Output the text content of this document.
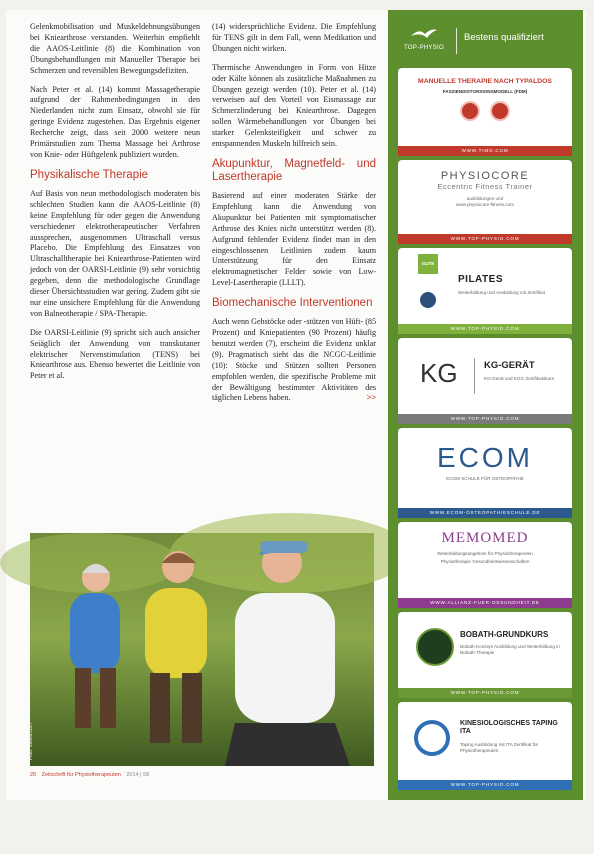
Gelenkmobilisation und Muskeldehnungsübungen bei Kniearthrose verstanden. Weiterhin empfiehlt die AAOS-Leitlinie (8) die Kombination von Übungsbehandlungen mit Manueller Therapie bei Schmerzen und reversiblen Bewegungsdefiziten.

Nach Peter et al. (14) kommt Massagetherapie aufgrund der Rahmenbedingungen in den Niederlanden nicht zum Einsatz, obwohl sie für geringe Evidenz zugestehen. Das Ergebnis eigener Recherche zeigt, dass seit 2000 weitere neun Primärstudien zum Thema Massage bei Arthrose von Knie- oder Hüftgelenk publiziert wurden.

Physikalische Therapie

Auf Basis von neun methodologisch moderaten bis schlechten Studien kann die AAOS-Leitlinie (8) keine Empfehlung für oder gegen die Anwendung verschiedener elektrotherapeutischer Verfahren aussprechen, ausgenommen Ultraschall versus Placebo. Die Empfehlung des Einsatzes von Ultraschalltherapie bei Kniearthrose-Patienten wird jedoch von der OARSI-Leitlinie (9) sehr vorsichtig gegeben, denn die methodologische Grundlage dieser Übersichtsstudien war gering. Zudem gibt sie nur eine unsichere Empfehlung für die Anwendung von Balneotherapie / SPA-Therapie.

Die OARSI-Leitlinie (9) spricht sich auch ansicher Seiäglich der Anwendung von transkutaner elektrischer Nervenstimulation (TENS) bei Kniearthrose aus. Ebenso bewertet die Leitlinie von Peter et al.

(14) widersprüchliche Evidenz. Die Empfehlung für TENS gilt in dem Fall, wenn Medikation und Übungen nicht wirken.

Thermische Anwendungen in Form von Hitze oder Kälte können als zusätzliche Maßnahmen zu Übungen gezeigt werden (10). Peter et al. (14) verweisen auf den Vorteil von Eismassage zur Schmerzlinderung bei Kniearthrose. Dagegen sollen Wärmebehandlungen vor Übungen bei starker Gelenksteifigkeit und schwer zu entspannenden Muskeln hilfreich sein.

Akupunktur, Magnetfeld- und Lasertherapie

Basierend auf einer moderaten Stärke der Empfehlung kann die Anwendung von Akupunktur bei Patienten mit symptomatischer Arthrose des Knies nicht unterstützt werden (8). Aufgrund fehlender Evidenz findet man in den eingeschlossenen Leitlinien zudem kaum Unterstützung für den Einsatz elektromagnetischer Felder sowie von Low-Level-Lasertherapie (LLLT).

Biomechanische Interventionen

Auch wenn Gehstöcke oder -stützen von Hüft- (85 Prozent) und Kniepatienten (90 Prozent) häufig benutzt werden (7), erscheint die Evidenz unklar (9). Pragmatisch sieht das die NCGC-Leitlinie (10): Stöcke und Stützen sollten Personen empfohlen werden, die spezifische Probleme mit der Bewältigung bestimmter Aktivitäten des täglichen Lebens haben.	>>

Foto: fotolia.com
20 Zeitschrift für Physiotherapeuten 2014 | 58
TOP-PHYSIO
Bestens qualifiziert
MANUELLE THERAPIE NACH TYPALDOS
FASZIENDISTORSIONSMODELL (FDM)

WWW.TIMO.COM
PHYSIOCORE
Eccentric Fitness Trainer
ausbildungen und
www.physiocore-fitness.com
WWW.TOP-PHYSIO.COM
GUTE
PILATES
Weiterbildung und Ausbildung mit Zertifikat
WWW.TOP-PHYSIO.COM
KG	KG-GERÄT
KG-Gerät und KGG Zertifikatskurs
WWW.TOP-PHYSIO.COM
ECOM
ECOM SCHULE FÜR OSTEOPATHIE
WWW.ECOM-OSTEOPATHIESCHULE.DE
MEMOMED
Weiterbildungsangebote für Physiotherapeuten
Physiotherapie Gesundheitswissenschaften
WWW.ALLIANZ-FUER-GESUNDHEIT.DE
BOBATH-GRUNDKURS
Bobath-Konzept Ausbildung und Weiterbildung in Bobath-Therapie
WWW.TOP-PHYSIO.COM
KINESIOLOGISCHES TAPING ITA
Taping Ausbildung mit ITA Zertifikat für Physiotherapeuten
WWW.TOP-PHYSIO.COM
